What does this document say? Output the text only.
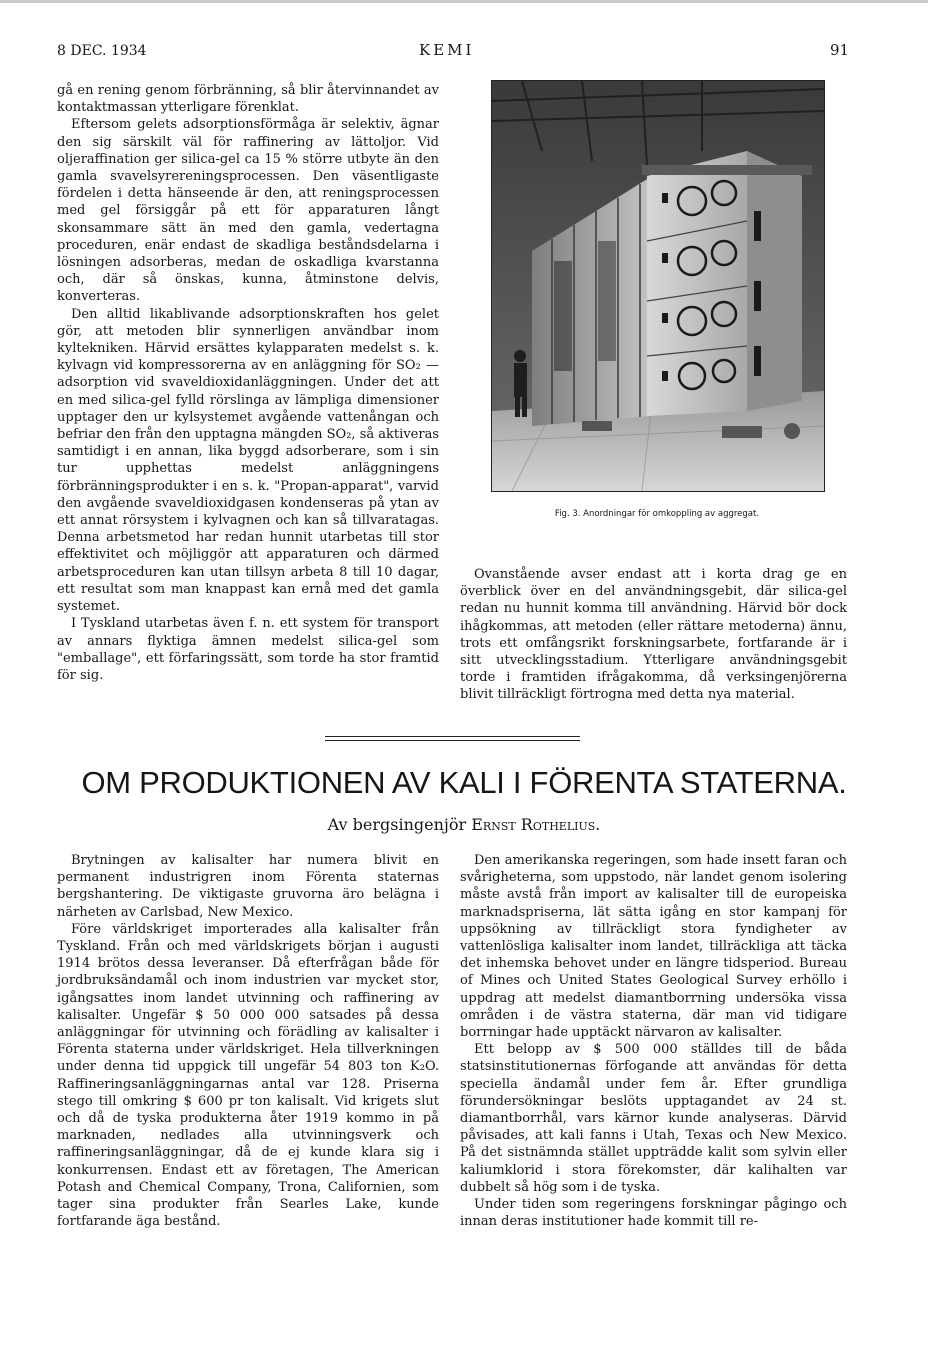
8 DEC. 1934	KEMI	91

gå en rening genom förbränning, så blir återvinnandet av kontaktmassan ytterligare förenklat.

Eftersom gelets adsorptionsförmåga är selektiv, ägnar den sig särskilt väl för raffinering av lättoljor. Vid oljeraffination ger silica-gel ca 15 % större utbyte än den gamla svavelsyrereningsprocessen. Den väsentligaste fördelen i detta hänseende är den, att reningsprocessen med gel försiggår på ett för apparaturen långt skonsammare sätt än med den gamla, vedertagna proceduren, enär endast de skadliga beståndsdelarna i lösningen adsorberas, medan de oskadliga kvarstanna och, där så önskas, kunna, åtminstone delvis, konverteras.

Den alltid likablivande adsorptionskraften hos gelet gör, att metoden blir synnerligen användbar inom kyltekniken. Härvid ersättes kylapparaten medelst s. k. kylvagn vid kompressorerna av en anläggning för SO₂ — adsorption vid svaveldioxidanläggningen. Under det att en med silica-gel fylld rörslinga av lämpliga dimensioner upptager den ur kylsystemet avgående vattenångan och befriar den från den upptagna mängden SO₂, så aktiveras samtidigt i en annan, lika byggd adsorberare, som i sin tur upphettas medelst anläggningens förbränningsprodukter i en s. k. "Propan-apparat", varvid den avgående svaveldioxidgasen kondenseras på ytan av ett annat rörsystem i kylvagnen och kan så tillvaratagas. Denna arbetsmetod har redan hunnit utarbetas till stor effektivitet och möjliggör att apparaturen och därmed arbetsproceduren kan utan tillsyn arbeta 8 till 10 dagar, ett resultat som man knappast kan ernå med det gamla systemet.

I Tyskland utarbetas även f. n. ett system för transport av annars flyktiga ämnen medelst silica-gel som "emballage", ett förfaringssätt, som torde ha stor framtid för sig.

Fig. 3. Anordningar för omkoppling av aggregat.

Ovanstående avser endast att i korta drag ge en överblick över en del användningsgebit, där silica-gel redan nu hunnit komma till användning. Härvid bör dock ihågkommas, att metoden (eller rättare metoderna) ännu, trots ett omfångsrikt forskningsarbete, fortfarande är i sitt utvecklingsstadium. Ytterligare användningsgebit torde i framtiden ifrågakomma, då verksingenjörerna blivit tillräckligt förtrogna med detta nya material.

OM PRODUKTIONEN AV KALI I FÖRENTA STATERNA.
Av bergsingenjör Ernst Rothelius.

Brytningen av kalisalter har numera blivit en permanent industrigren inom Förenta staternas bergshantering. De viktigaste gruvorna äro belägna i närheten av Carlsbad, New Mexico.

Före världskriget importerades alla kalisalter från Tyskland. Från och med världskrigets början i augusti 1914 brötos dessa leveranser. Då efterfrågan både för jordbruksändamål och inom industrien var mycket stor, igångsattes inom landet utvinning och raffinering av kalisalter. Ungefär $ 50 000 000 satsades på dessa anläggningar för utvinning och förädling av kalisalter i Förenta staterna under världskriget. Hela tillverkningen under denna tid uppgick till ungefär 54 803 ton K₂O. Raffineringsanläggningarnas antal var 128. Priserna stego till omkring $ 600 pr ton kalisalt. Vid krigets slut och då de tyska produkterna åter 1919 kommo in på marknaden, nedlades alla utvinningsverk och raffineringsanläggningar, då de ej kunde klara sig i konkurrensen. Endast ett av företagen, The American Potash and Chemical Company, Trona, Californien, som tager sina produkter från Searles Lake, kunde fortfarande äga bestånd.

Den amerikanska regeringen, som hade insett faran och svårigheterna, som uppstodo, när landet genom isolering måste avstå från import av kalisalter till de europeiska marknadspriserna, lät sätta igång en stor kampanj för uppsökning av tillräckligt stora fyndigheter av vattenlösliga kalisalter inom landet, tillräckliga att täcka det inhemska behovet under en längre tidsperiod. Bureau of Mines och United States Geological Survey erhöllo i uppdrag att medelst diamantborrning undersöka vissa områden i de västra staterna, där man vid tidigare borrningar hade upptäckt närvaron av kalisalter.

Ett belopp av $ 500 000 ställdes till de båda statsinstitutionernas förfogande att användas för detta speciella ändamål under fem år. Efter grundliga förundersökningar beslöts upptagandet av 24 st. diamantborrhål, vars kärnor kunde analyseras. Därvid påvisades, att kali fanns i Utah, Texas och New Mexico. På det sistnämnda stället uppträdde kalit som sylvin eller kaliumklorid i stora förekomster, där kalihalten var dubbelt så hög som i de tyska.

Under tiden som regeringens forskningar pågingo och innan deras institutioner hade kommit till re-
